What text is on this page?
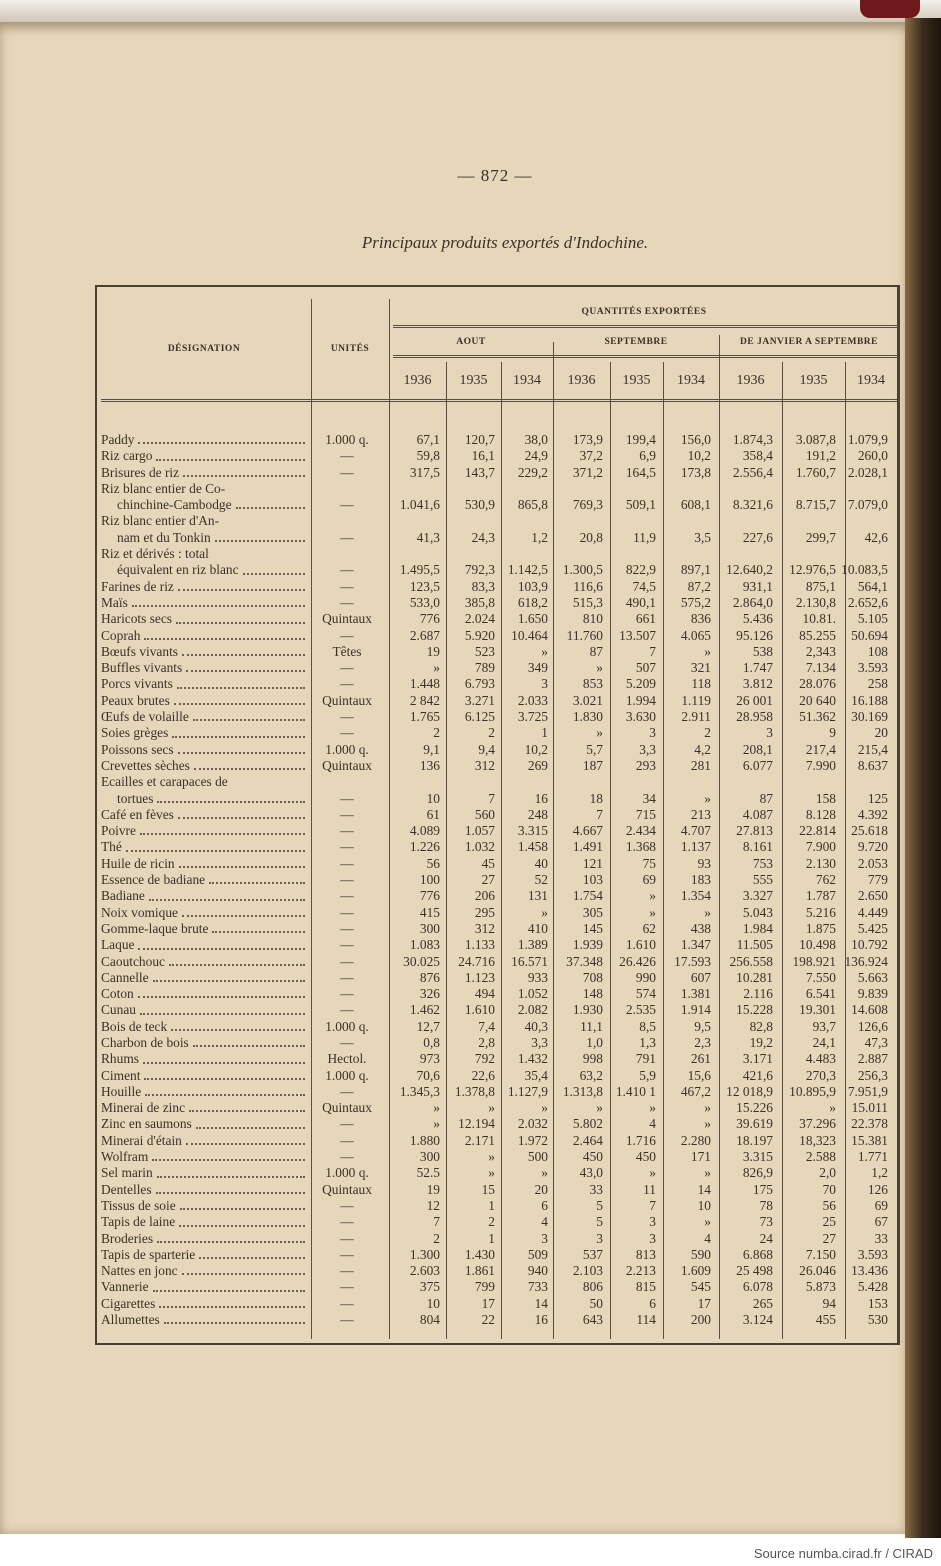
— 872 —
Principaux produits exportés d'Indochine.
DÉSIGNATION	UNITÉS
QUANTITÉS EXPORTÉES
AOUT	SEPTEMBRE	DE JANVIER A SEPTEMBRE
1936	1935	1934	1936	1935	1934	1936	1935	1934
Paddy	1.000 q.	67,1	120,7	38,0	173,9	199,4	156,0	1.874,3	3.087,8 1.079,9
Riz cargo	—	59,8	16,1	24,9	37,2	6,9	10,2	358,4	191,2	260,0
Brisures de riz	—	317,5	143,7	229,2	371,2	164,5	173,8	2.556,4	1.760,7 2.028,1
Riz blanc entier de Co-
chinchine-Cambodge	—	1.041,6	530,9	865,8	769,3	509,1	608,1	8.321,6	8.715,7 7.079,0
Riz blanc entier d'An-
nam et du Tonkin	—	41,3	24,3	1,2	20,8	11,9	3,5	227,6	299,7	42,6
Riz et dérivés : total
équivalent en riz blanc	—	1.495,5	792,3 1.142,5	1.300,5	822,9	897,1	12.640,2	12.976,5 10.083,5
Farines de riz	—	123,5	83,3	103,9	116,6	74,5	87,2	931,1	875,1	564,1
Maïs	—	533,0	385,8	618,2	515,3	490,1	575,2	2.864,0	2.130,8 2.652,6
Haricots secs	Quintaux	776	2.024	1.650	810	661	836	5.436	10.81.	5.105
Coprah	—	2.687	5.920	10.464	11.760	13.507	4.065	95.126	85.255	50.694
Bœufs vivants	Têtes	19	523	»	87	7	»	538	2,343	108
Buffles vivants	—	»	789	349	»	507	321	1.747	7.134	3.593
Porcs vivants	—	1.448	6.793	3	853	5.209	118	3.812	28.076	258
Peaux brutes	Quintaux	2 842	3.271	2.033	3.021	1.994	1.119	26 001	20 640	16.188
Œufs de volaille	—	1.765	6.125	3.725	1.830	3.630	2.911	28.958	51.362	30.169
Soies grèges	—	2	2	1	»	3	2	3	9	20
Poissons secs	1.000 q.	9,1	9,4	10,2	5,7	3,3	4,2	208,1	217,4	215,4
Crevettes sèches	Quintaux	136	312	269	187	293	281	6.077	7.990	8.637
Ecailles et carapaces de
tortues	—	10	7	16	18	34	»	87	158	125
Café en fèves	—	61	560	248	7	715	213	4.087	8.128	4.392
Poivre	—	4.089	1.057	3.315	4.667	2.434	4.707	27.813	22.814	25.618
Thé	—	1.226	1.032	1.458	1.491	1.368	1.137	8.161	7.900	9.720
Huile de ricin	—	56	45	40	121	75	93	753	2.130	2.053
Essence de badiane	—	100	27	52	103	69	183	555	762	779
Badiane	—	776	206	131	1.754	»	1.354	3.327	1.787	2.650
Noix vomique	—	415	295	»	305	»	»	5.043	5.216	4.449
Gomme-laque brute	—	300	312	410	145	62	438	1.984	1.875	5.425
Laque	—	1.083	1.133	1.389	1.939	1.610	1.347	11.505	10.498	10.792
Caoutchouc	—	30.025	24.716	16.571	37.348	26.426	17.593	256.558	198.921 136.924
Cannelle	—	876	1.123	933	708	990	607	10.281	7.550	5.663
Coton	—	326	494	1.052	148	574	1.381	2.116	6.541	9.839
Cunau	—	1.462	1.610	2.082	1.930	2.535	1.914	15.228	19.301	14.608
Bois de teck	1.000 q.	12,7	7,4	40,3	11,1	8,5	9,5	82,8	93,7	126,6
Charbon de bois	—	0,8	2,8	3,3	1,0	1,3	2,3	19,2	24,1	47,3
Rhums	Hectol.	973	792	1.432	998	791	261	3.171	4.483	2.887
Ciment	1.000 q.	70,6	22,6	35,4	63,2	5,9	15,6	421,6	270,3	256,3
Houille	—	1.345,3	1.378,8 1.127,9	1.313,8 1.410 1	467,2	12 018,9	10.895,9 7.951,9
Minerai de zinc	Quintaux	»	»	»	»	»	»	15.226	»	15.011
Zinc en saumons	—	»	12.194	2.032	5.802	4	»	39.619	37.296	22.378
Minerai d'étain	—	1.880	2.171	1.972	2.464	1.716	2.280	18.197	18,323	15.381
Wolfram	—	300	»	500	450	450	171	3.315	2.588	1.771
Sel marin	1.000 q.	52.5	»	»	43,0	»	»	826,9	2,0	1,2
Dentelles	Quintaux	19	15	20	33	11	14	175	70	126
Tissus de soie	—	12	1	6	5	7	10	78	56	69
Tapis de laine	—	7	2	4	5	3	»	73	25	67
Broderies	—	2	1	3	3	3	4	24	27	33
Tapis de sparterie	—	1.300	1.430	509	537	813	590	6.868	7.150	3.593
Nattes en jonc	—	2.603	1.861	940	2.103	2.213	1.609	25 498	26.046	13.436
Vannerie	—	375	799	733	806	815	545	6.078	5.873	5.428
Cigarettes	—	10	17	14	50	6	17	265	94	153
Allumettes	—	804	22	16	643	114	200	3.124	455	530
Source numba.cirad.fr / CIRAD
